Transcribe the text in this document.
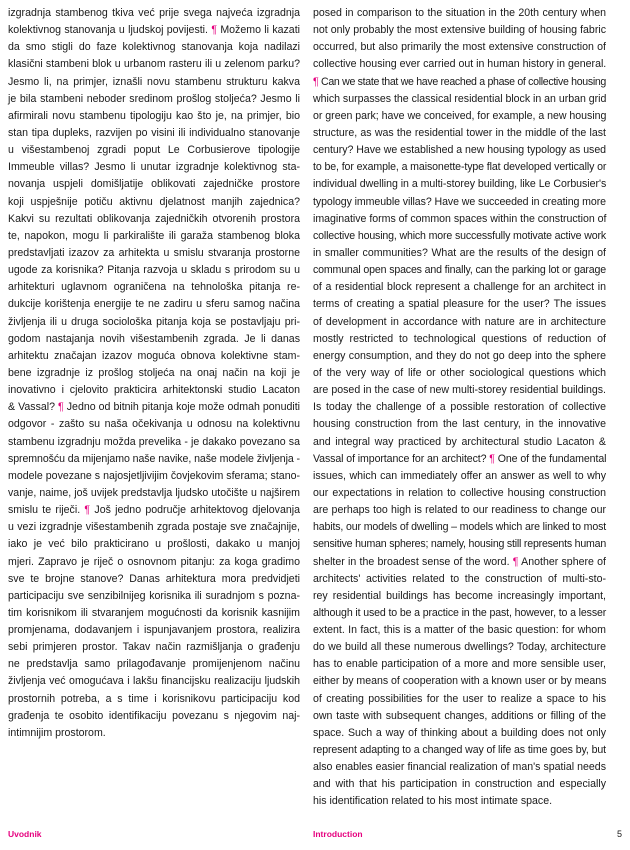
izgradnja stambenog tkiva već prije svega najveća izgradnja
kolektivnog stanovanja u ljudskoj povijesti. ¶ Možemo li kazati
da smo stigli do faze kolektivnog stanovanja koja nadilazi
klasični stambeni blok u urbanom rasteru ili u zelenom parku?
Jesmo li, na primjer, iznašli novu stambenu strukturu kakva
je bila stambeni neboder sredinom prošlog stoljeća? Jesmo li
afirmirali novu stambenu tipologiju kao što je, na primjer, bio
stan tipa dupleks, razvijen po visini ili individualno stanovanje
u višestambenoj zgradi poput Le Corbusierove tipologije
Immeuble villas? Jesmo li unutar izgradnje kolektivnog sta-
novanja uspjeli domišljatije oblikovati zajedničke prostore
koji uspješnije potiču aktivnu djelatnost manjih zajednica?
Kakvi su rezultati oblikovanja zajedničkih otvorenih prostora
te, napokon, mogu li parkiralište ili garaža stambenog bloka
predstavljati izazov za arhitekta u smislu stvaranja prostorne
ugode za korisnika? Pitanja razvoja u skladu s prirodom su u
arhitekturi uglavnom ograničena na tehnološka pitanja re-
dukcije korištenja energije te ne zadiru u sferu samog načina
življenja ili u druga sociološka pitanja koja se postavljaju pri-
godom nastajanja novih višestambenih zgrada. Je li danas
arhitektu značajan izazov moguća obnova kolektivne stam-
bene izgradnje iz prošlog stoljeća na onaj način na koji je
inovativno i cjelovito prakticira arhitektonski studio Lacaton
& Vassal? ¶ Jedno od bitnih pitanja koje može odmah ponuditi
odgovor - zašto su naša očekivanja u odnosu na kolektivnu
stambenu izgradnju možda prevelika - je dakako povezano sa
spremnošću da mijenjamo naše navike, naše modele življenja -
modele povezane s najosjetljivijim čovjekovim sferama; stano-
vanje, naime, još uvijek predstavlja ljudsko utočište u najširem
smislu te riječi. ¶ Još jedno područje arhitektovog djelovanja
u vezi izgradnje višestambenih zgrada postaje sve značajnije,
iako je već bilo prakticirano u prošlosti, dakako u manjoj
mjeri. Zapravo je riječ o osnovnom pitanju: za koga gradimo
sve te brojne stanove? Danas arhitektura mora predvidjeti
participaciju sve senzibilnijeg korisnika ili suradnjom s pozna-
tim korisnikom ili stvaranjem mogućnosti da korisnik kasnijim
promjenama, dodavanjem i ispunjavanjem prostora, realizira
sebi primjeren prostor. Takav način razmišljanja o građenju
ne predstavlja samo prilagođavanje promijenjenom načinu
življenja već omogućava i lakšu financijsku realizaciju ljudskih
prostornih potreba, a s time i korisnikovu participaciju kod
građenja te osobito identifikaciju povezanu s njegovim naj-
intimnijim prostorom.
posed in comparison to the situation in the 20th century when
not only probably the most extensive building of housing fabric
occurred, but also primarily the most extensive construction of
collective housing ever carried out in human history in general.
¶ Can we state that we have reached a phase of collective housing
which surpasses the classical residential block in an urban grid
or green park; have we conceived, for example, a new housing
structure, as was the residential tower in the middle of the last
century? Have we established a new housing typology as used
to be, for example, a maisonette-type flat developed vertically or
individual dwelling in a multi-storey building, like Le Corbusier's
typology immeuble villas? Have we succeeded in creating more
imaginative forms of common spaces within the construction of
collective housing, which more successfully motivate active work
in smaller communities? What are the results of the design of
communal open spaces and finally, can the parking lot or garage
of a residential block represent a challenge for an architect in
terms of creating a spatial pleasure for the user? The issues
of development in accordance with nature are in architecture
mostly restricted to technological questions of reduction of
energy consumption, and they do not go deep into the sphere
of the very way of life or other sociological questions which
are posed in the case of new multi-storey residential buildings.
Is today the challenge of a possible restoration of collective
housing construction from the last century, in the innovative
and integral way practiced by architectural studio Lacaton &
Vassal of importance for an architect? ¶ One of the fundamental
issues, which can immediately offer an answer as well to why
our expectations in relation to collective housing construction
are perhaps too high is related to our readiness to change our
habits, our models of dwelling – models which are linked to most
sensitive human spheres; namely, housing still represents human
shelter in the broadest sense of the word. ¶ Another sphere of
architects' activities related to the construction of multi-sto-
rey residential buildings has become increasingly important,
although it used to be a practice in the past, however, to a lesser
extent. In fact, this is a matter of the basic question: for whom
do we build all these numerous dwellings? Today, architecture
has to enable participation of a more and more sensible user,
either by means of cooperation with a known user or by means
of creating possibilities for the user to realize a space to his
own taste with subsequent changes, additions or filling of the
space. Such a way of thinking about a building does not only
represent adapting to a changed way of life as time goes by, but
also enables easier financial realization of man's spatial needs
and with that his participation in construction and especially
his identification related to his most intimate space.
Uvodnik	Introduction	5
